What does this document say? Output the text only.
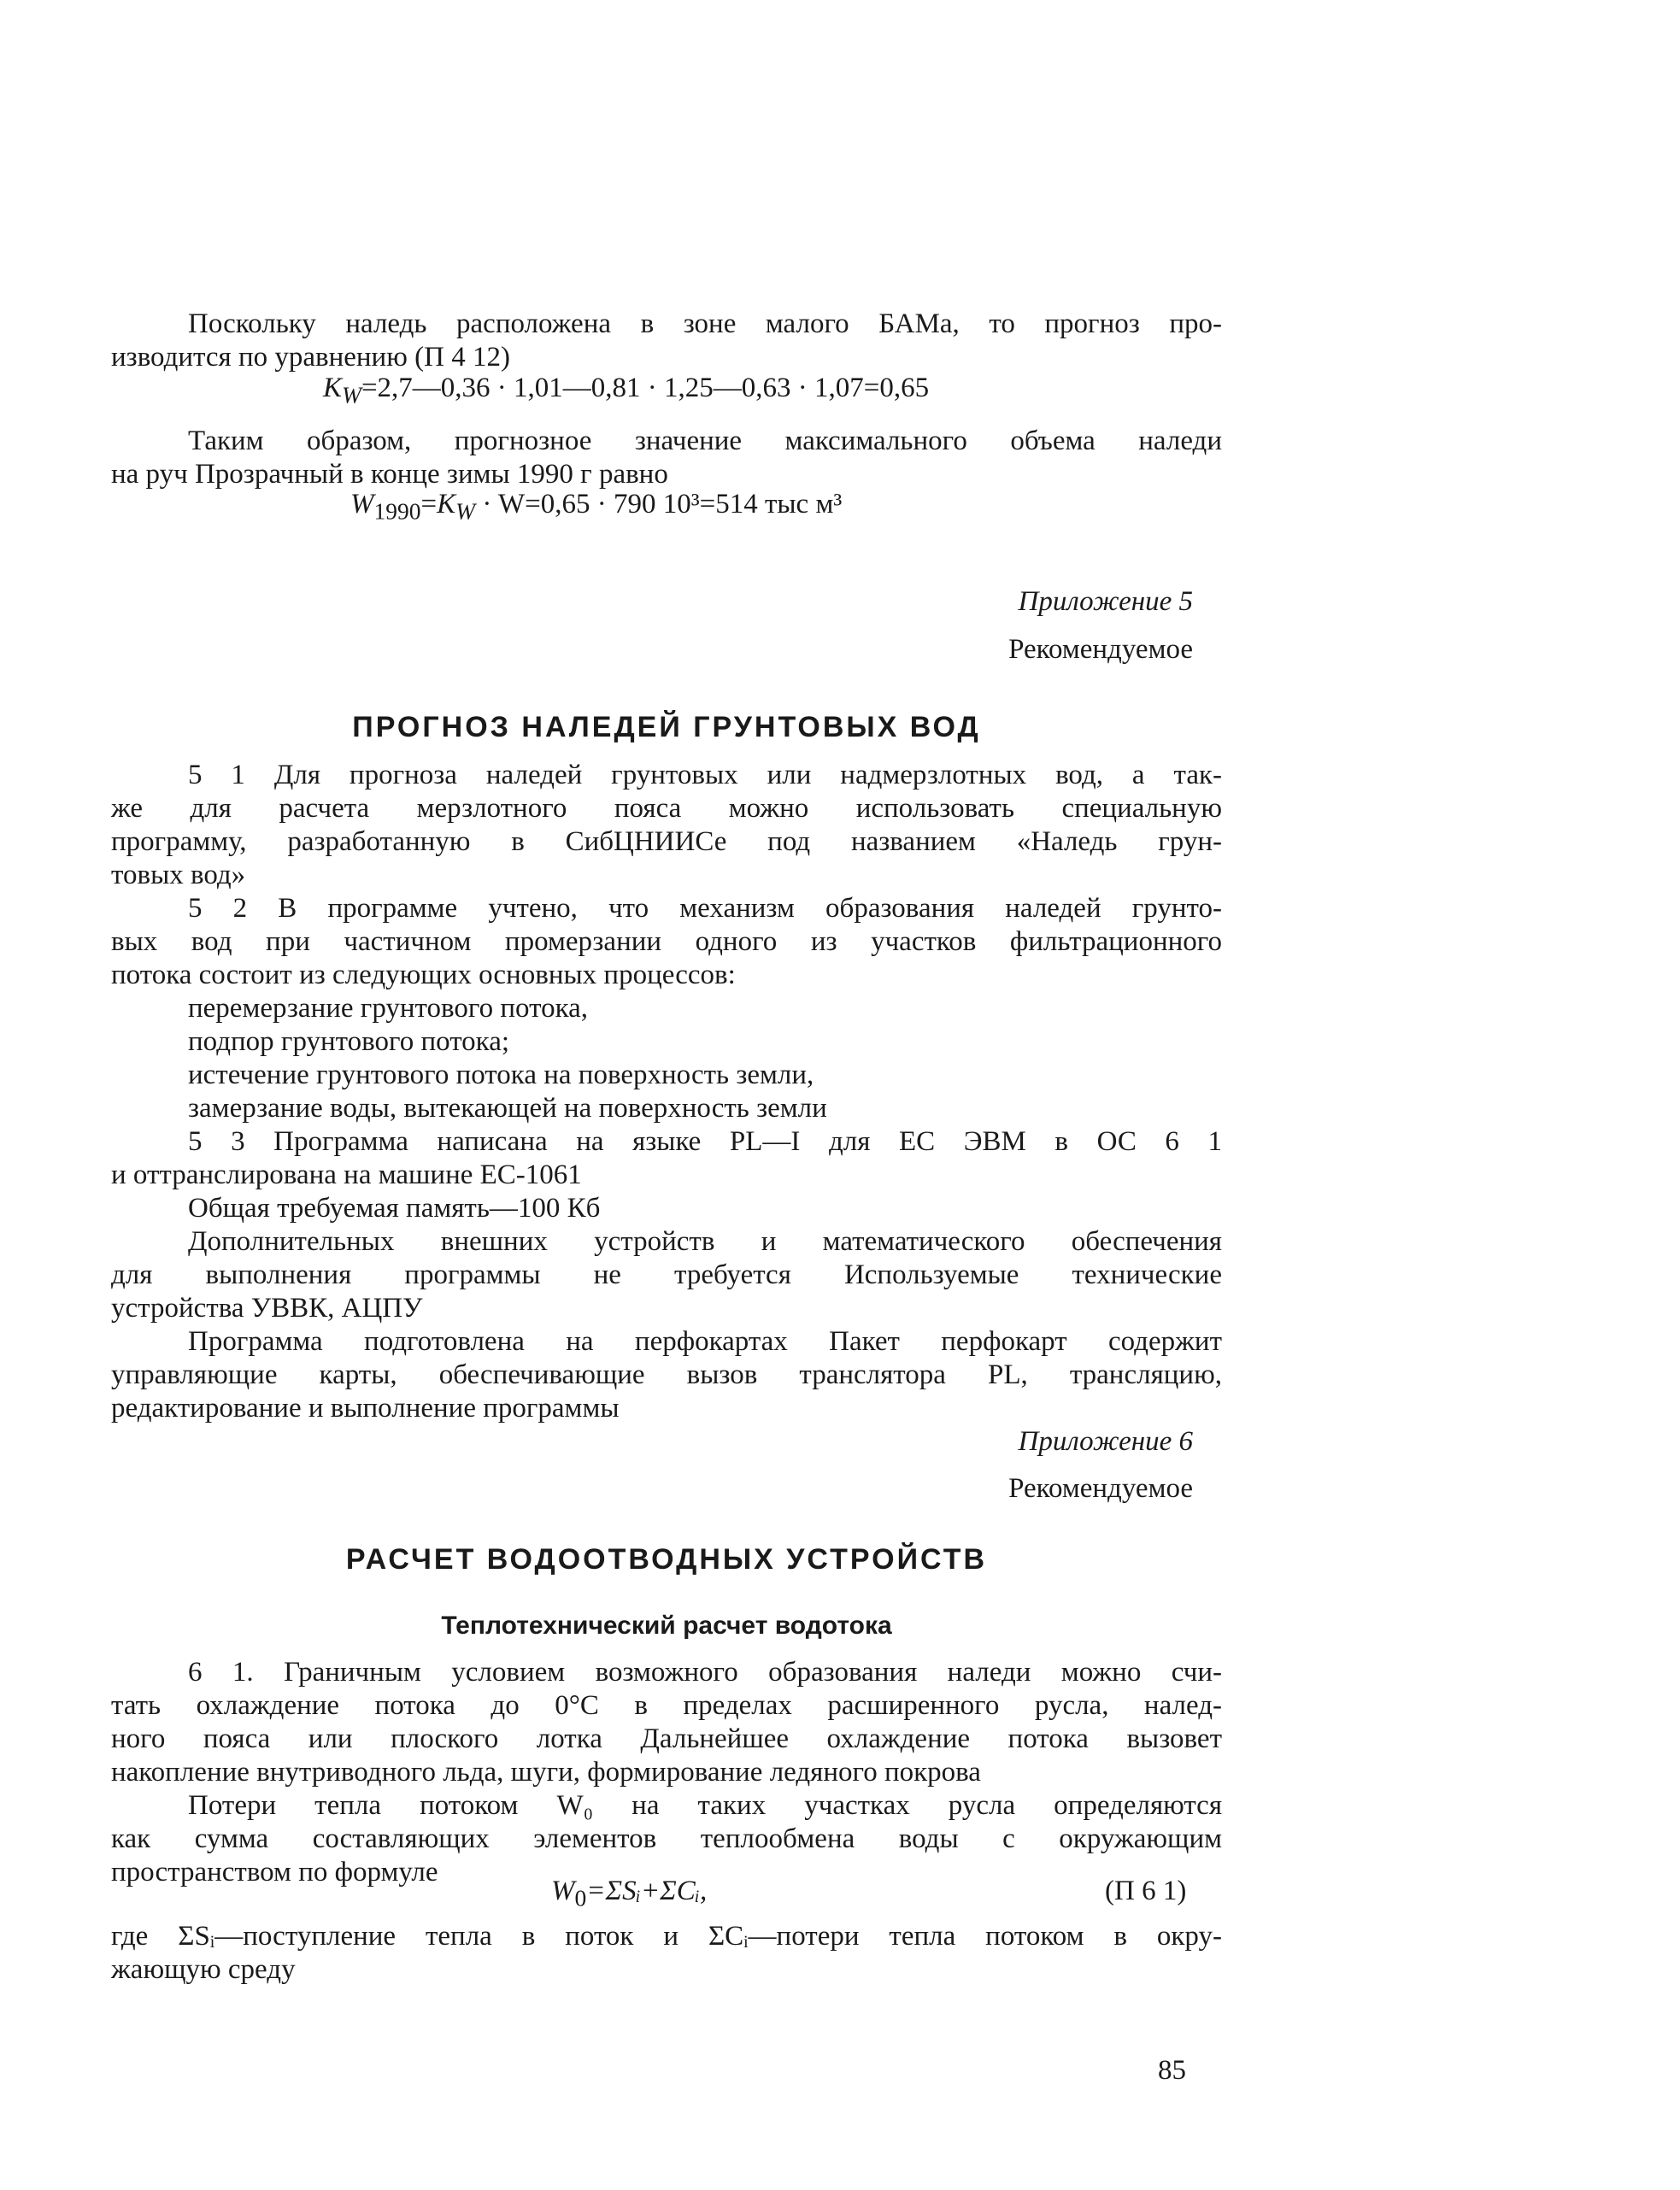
Поскольку наледь расположена в зоне малого БАМа, то прогноз про-
изводится по уравнению (П 4 12)
$K_W=2,7—0,36$ · 1,01—0,81 · 1,25—0,63 · 1,07=0,65
Таким образом, прогнозное значение максимального объема наледи
на руч Прозрачный в конце зимы 1990 г равно
$W_{1990}=K_W \cdot W=0,65 \cdot 790$ 10³=514 тыс м³
Приложение 5
Рекомендуемое
ПРОГНОЗ НАЛЕДЕЙ ГРУНТОВЫХ ВОД
5 1 Для прогноза наледей грунтовых или надмерзлотных вод, а так-
же для расчета мерзлотного пояса можно использовать специальную
программу, разработанную в СибЦНИИСе под названием «Наледь грун-
товых вод»
5 2 В программе учтено, что механизм образования наледей грунто-
вых вод при частичном промерзании одного из участков фильтрационного
потока состоит из следующих основных процессов:
перемерзание грунтового потока,
подпор грунтового потока;
истечение грунтового потока на поверхность земли,
замерзание воды, вытекающей на поверхность земли
5 3 Программа написана на языке PL—I для ЕС ЭВМ в ОС 6 1
и оттранслирована на машине ЕС-1061
Общая требуемая память—100 Кб
Дополнительных внешних устройств и математического обеспечения
для выполнения программы не требуется Используемые технические
устройства УВВК, АЦПУ
Программа подготовлена на перфокартах Пакет перфокарт содержит
управляющие карты, обеспечивающие вызов транслятора PL, трансляцию,
редактирование и выполнение программы
Приложение 6
Рекомендуемое
РАСЧЕТ ВОДООТВОДНЫХ УСТРОЙСТВ
Теплотехнический расчет водотока
6 1. Граничным условием возможного образования наледи можно счи-
тать охлаждение потока до 0°С в пределах расширенного русла, налед-
ного пояса или плоского лотка Дальнейшее охлаждение потока вызовет
накопление внутриводного льда, шуги, формирование ледяного покрова
Потери тепла потоком W₀ на таких участках русла определяются
как сумма составляющих элементов теплообмена воды с окружающим
пространством по формуле
$W_0=\Sigma Sᵢ+\Sigma Cᵢ$,	(П 6 1)
где ΣSᵢ—поступление тепла в поток и ΣCᵢ—потери тепла потоком в окру-
жающую среду
85
